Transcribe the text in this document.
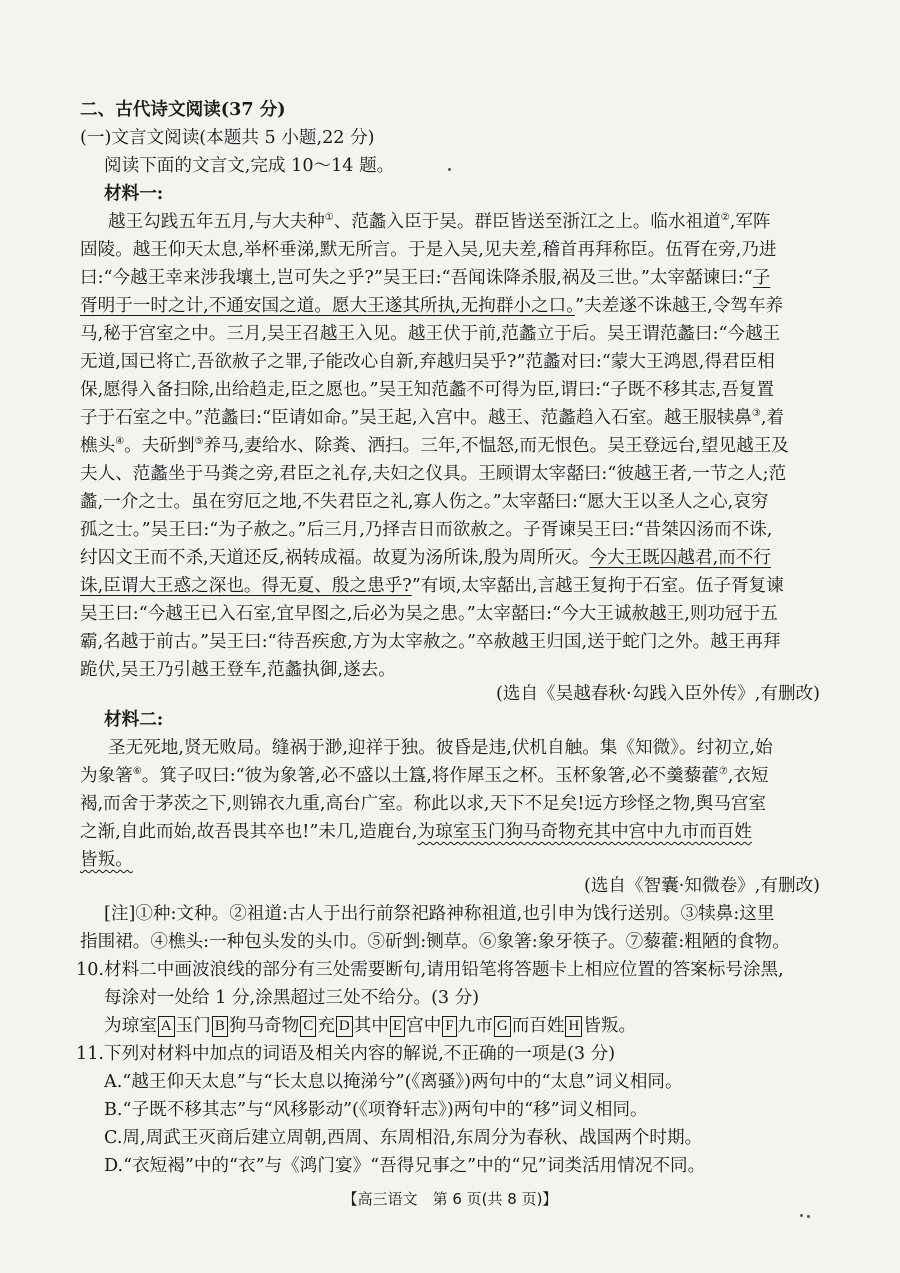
二、古代诗文阅读(37 分)
(一)文言文阅读(本题共 5 小题,22 分)
阅读下面的文言文,完成 10～14 题。
材料一:
越王勾践五年五月,与大夫种①、范蠡入臣于吴。群臣皆送至浙江之上。临水祖道②,军阵
固陵。越王仰天太息,举杯垂涕,默无所言。于是入吴,见夫差,稽首再拜称臣。伍胥在旁,乃进
曰:“今越王幸来涉我壤土,岂可失之乎?”吴王曰:“吾闻诛降杀服,祸及三世。”太宰嚭谏曰:“子
胥明于一时之计,不通安国之道。愿大王遂其所执,无拘群小之口。”夫差遂不诛越王,令驾车养
马,秘于宫室之中。三月,吴王召越王入见。越王伏于前,范蠡立于后。吴王谓范蠡曰:“今越王
无道,国已将亡,吾欲赦子之罪,子能改心自新,弃越归吴乎?”范蠡对曰:“蒙大王鸿恩,得君臣相
保,愿得入备扫除,出给趋走,臣之愿也。”吴王知范蠡不可得为臣,谓曰:“子既不移其志,吾复置
子于石室之中。”范蠡曰:“臣请如命。”吴王起,入宫中。越王、范蠡趋入石室。越王服犊鼻③,着
樵头④。夫斫剉⑤养马,妻给水、除粪、洒扫。三年,不愠怒,而无恨色。吴王登远台,望见越王及
夫人、范蠡坐于马粪之旁,君臣之礼存,夫妇之仪具。王顾谓太宰嚭曰:“彼越王者,一节之人;范
蠡,一介之士。虽在穷厄之地,不失君臣之礼,寡人伤之。”太宰嚭曰:“愿大王以圣人之心,哀穷
孤之士。”吴王曰:“为子赦之。”后三月,乃择吉日而欲赦之。子胥谏吴王曰:“昔桀囚汤而不诛,
纣囚文王而不杀,天道还反,祸转成福。故夏为汤所诛,殷为周所灭。今大王既囚越君,而不行
诛,臣谓大王惑之深也。得无夏、殷之患乎?”有顷,太宰嚭出,言越王复拘于石室。伍子胥复谏
吴王曰:“今越王已入石室,宜早图之,后必为吴之患。”太宰嚭曰:“今大王诚赦越王,则功冠于五
霸,名越于前古。”吴王曰:“待吾疾愈,方为太宰赦之。”卒赦越王归国,送于蛇门之外。越王再拜
跪伏,吴王乃引越王登车,范蠡执御,遂去。
(选自《吴越春秋·勾践入臣外传》,有删改)
材料二:
圣无死地,贤无败局。缝祸于渺,迎祥于独。彼昏是违,伏机自触。集《知微》。纣初立,始
为象箸⑥。箕子叹曰:“彼为象箸,必不盛以土簋,将作犀玉之杯。玉杯象箸,必不羹藜藿⑦,衣短
褐,而舍于茅茨之下,则锦衣九重,高台广室。称此以求,天下不足矣!远方珍怪之物,舆马宫室
之渐,自此而始,故吾畏其卒也!”未几,造鹿台,为琼室玉门狗马奇物充其中宫中九市而百姓
皆叛。
(选自《智囊·知微卷》,有删改)
[注]①种:文种。②祖道:古人于出行前祭祀路神称祖道,也引申为饯行送别。③犊鼻:这里
指围裙。④樵头:一种包头发的头巾。⑤斫剉:铡草。⑥象箸:象牙筷子。⑦藜藿:粗陋的食物。
10.材料二中画波浪线的部分有三处需要断句,请用铅笔将答题卡上相应位置的答案标号涂黑,
每涂对一处给 1 分,涂黑超过三处不给分。(3 分)
为琼室 A 玉门 B 狗马奇物 C 充 D 其中 E 宫中 F 九市 G 而百姓 H 皆叛。
11.下列对材料中加点的词语及相关内容的解说,不正确的一项是(3 分)
A.“越王仰天太息”与“长太息以掩涕兮”(《离骚》)两句中的“太息”词义相同。
B.“子既不移其志”与“风移影动”(《项脊轩志》)两句中的“移”词义相同。
C.周,周武王灭商后建立周朝,西周、东周相沿,东周分为春秋、战国两个时期。
D.“衣短褐”中的“衣”与《鸿门宴》“吾得兄事之”中的“兄”词类活用情况不同。
【高三语文　第 6 页(共 8 页)】
